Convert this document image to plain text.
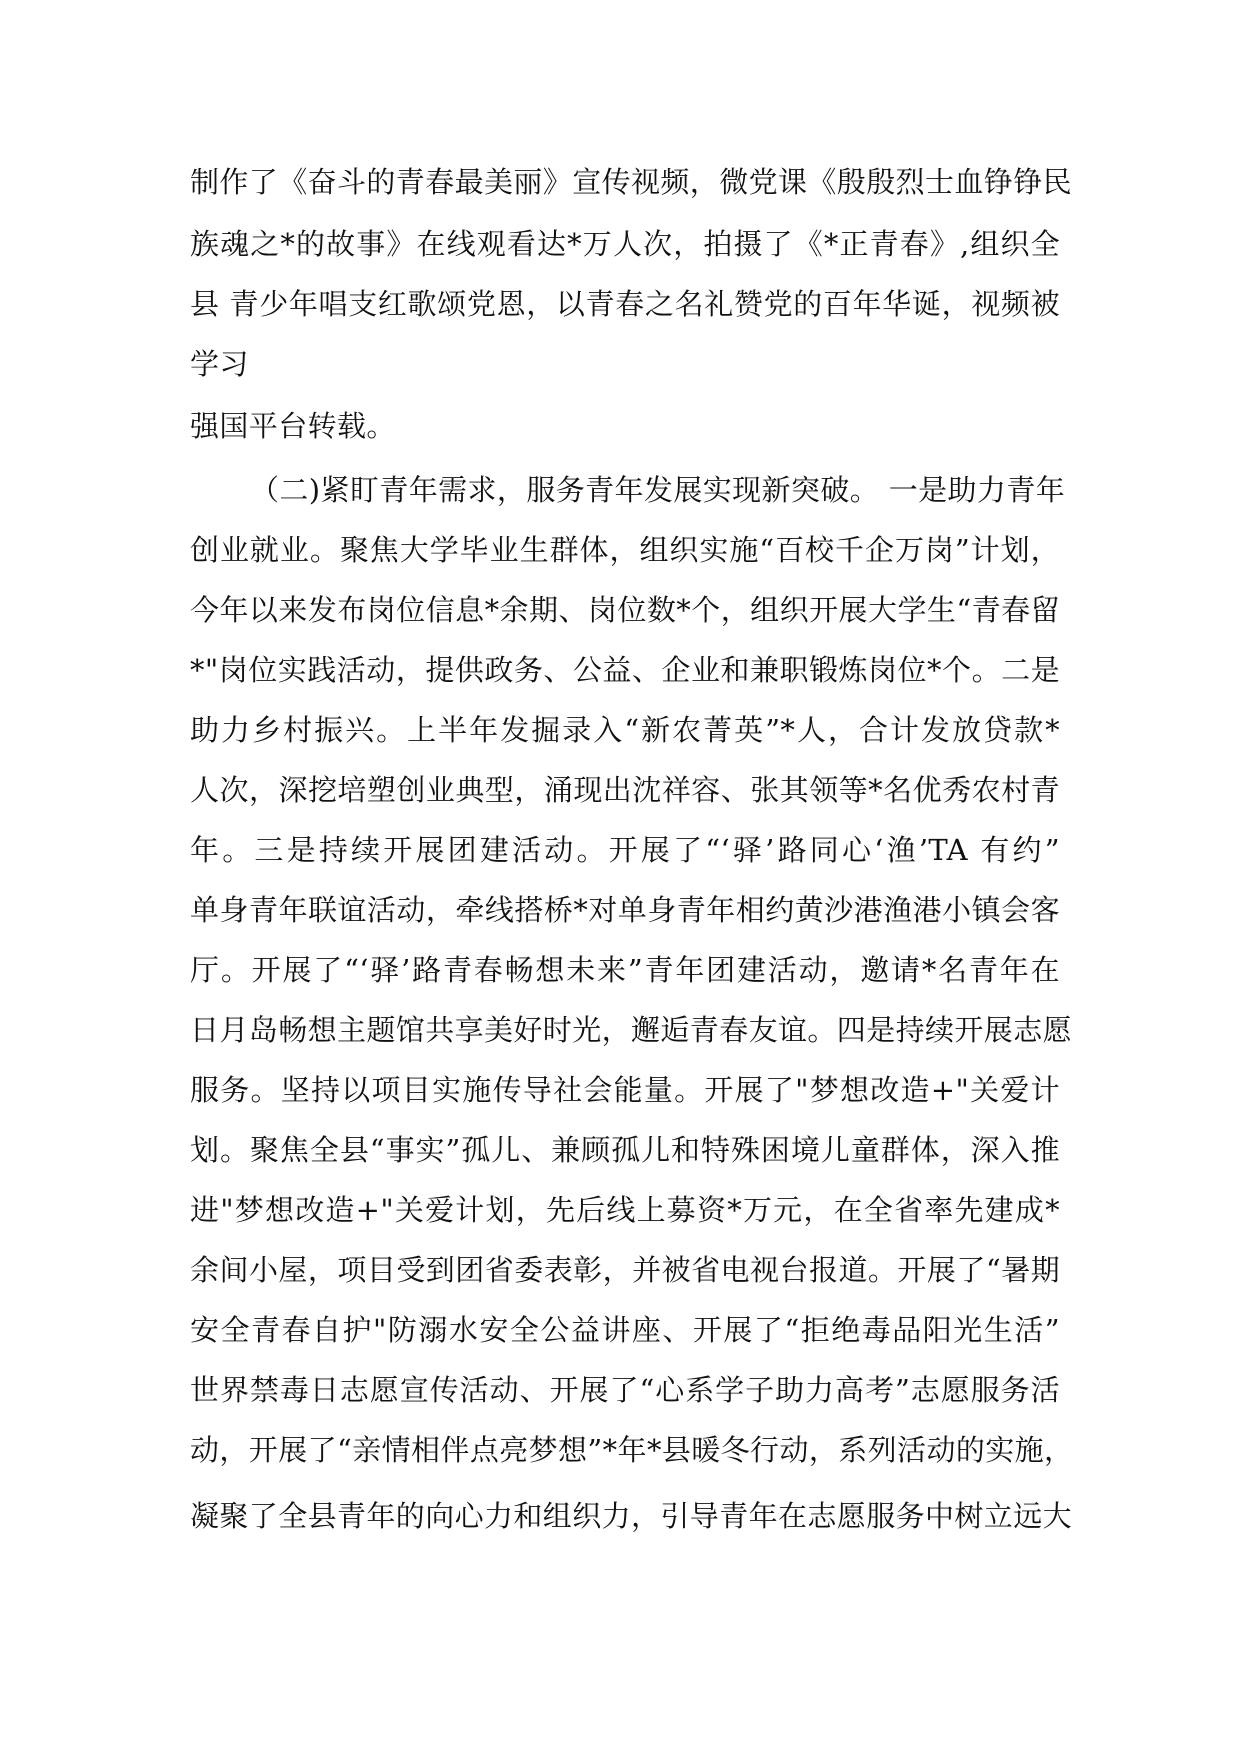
制作了《奋斗的青春最美丽》宣传视频，微党课《殷殷烈士血铮铮民

族魂之*的故事》在线观看达*万人次，拍摄了《*正青春》,组织全

县 青少年唱支红歌颂党恩，以青春之名礼赞党的百年华诞，视频被

学习

强国平台转载。

（二)紧盯青年需求，服务青年发展实现新突破。 一是助力青年

创业就业。聚焦大学毕业生群体，组织实施“百校千企万岗”计划，

今年以来发布岗位信息*余期、岗位数*个，组织开展大学生“青春留

*"岗位实践活动，提供政务、公益、企业和兼职锻炼岗位*个。二是

助力乡村振兴。上半年发掘录入“新农菁英”*人，合计发放贷款*

人次，深挖培塑创业典型，涌现出沈祥容、张其领等*名优秀农村青

年。三是持续开展团建活动。开展了“‘驿’路同心‘渔’TA 有约”

单身青年联谊活动，牵线搭桥*对单身青年相约黄沙港渔港小镇会客

厅。开展了“‘驿’路青春畅想未来”青年团建活动，邀请*名青年在

日月岛畅想主题馆共享美好时光，邂逅青春友谊。四是持续开展志愿

服务。坚持以项目实施传导社会能量。开展了"梦想改造+"关爱计

划。聚焦全县“事实”孤儿、兼顾孤儿和特殊困境儿童群体，深入推

进"梦想改造+"关爱计划，先后线上募资*万元，在全省率先建成*

余间小屋，项目受到团省委表彰，并被省电视台报道。开展了“暑期

安全青春自护"防溺水安全公益讲座、开展了“拒绝毒品阳光生活”

世界禁毒日志愿宣传活动、开展了“心系学子助力高考”志愿服务活

动，开展了“亲情相伴点亮梦想”*年*县暖冬行动，系列活动的实施，

凝聚了全县青年的向心力和组织力，引导青年在志愿服务中树立远大
